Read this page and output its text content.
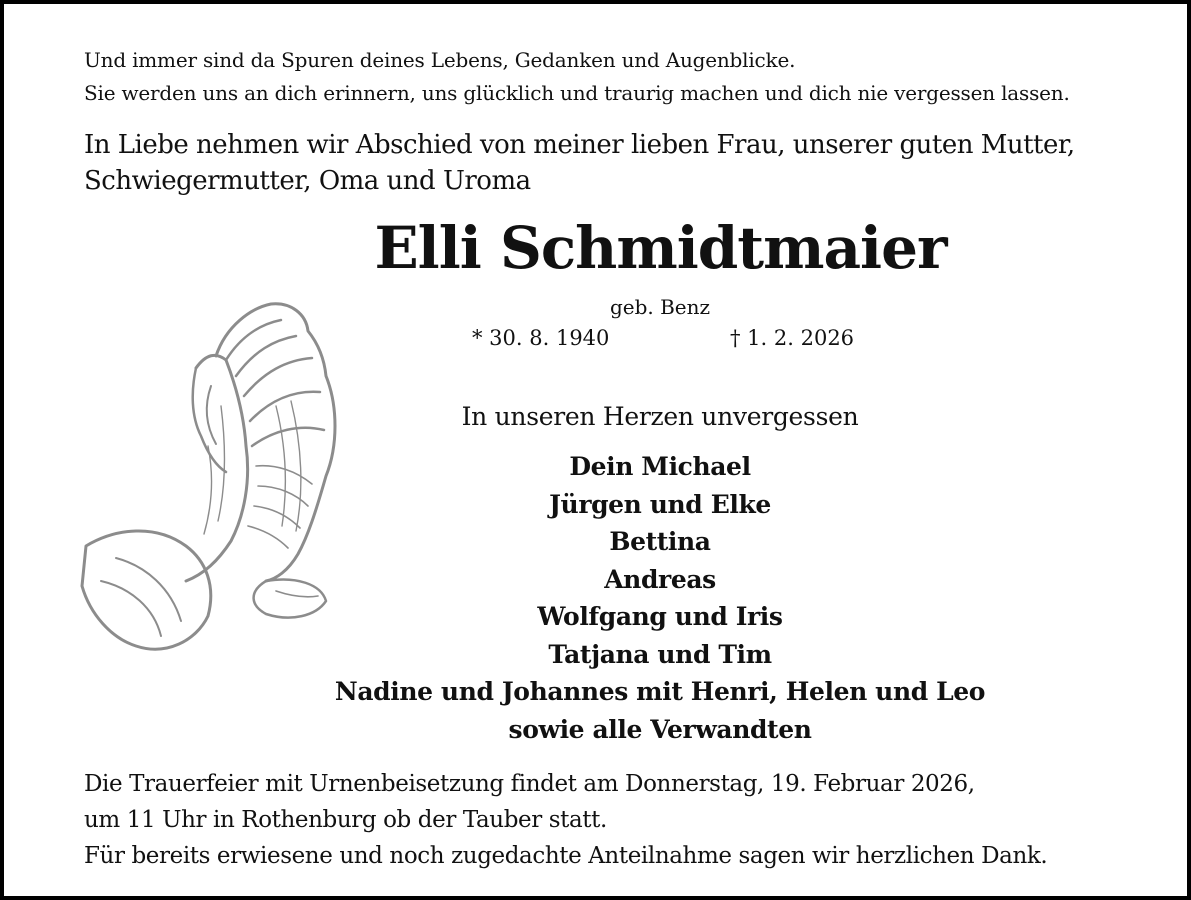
Und immer sind da Spuren deines Lebens, Gedanken und Augenblicke.
Sie werden uns an dich erinnern, uns glücklich und traurig machen und dich nie vergessen lassen.
In Liebe nehmen wir Abschied von meiner lieben Frau, unserer guten Mutter,
Schwiegermutter, Oma und Uroma
Elli Schmidtmaier
geb. Benz
* 30. 8. 1940	† 1. 2. 2026
In unseren Herzen unvergessen
Dein Michael
Jürgen und Elke
Bettina
Andreas
Wolfgang und Iris
Tatjana und Tim
Nadine und Johannes mit Henri, Helen und Leo
sowie alle Verwandten
Die Trauerfeier mit Urnenbeisetzung findet am Donnerstag, 19. Februar 2026,
um 11 Uhr in Rothenburg ob der Tauber statt.
Für bereits erwiesene und noch zugedachte Anteilnahme sagen wir herzlichen Dank.
